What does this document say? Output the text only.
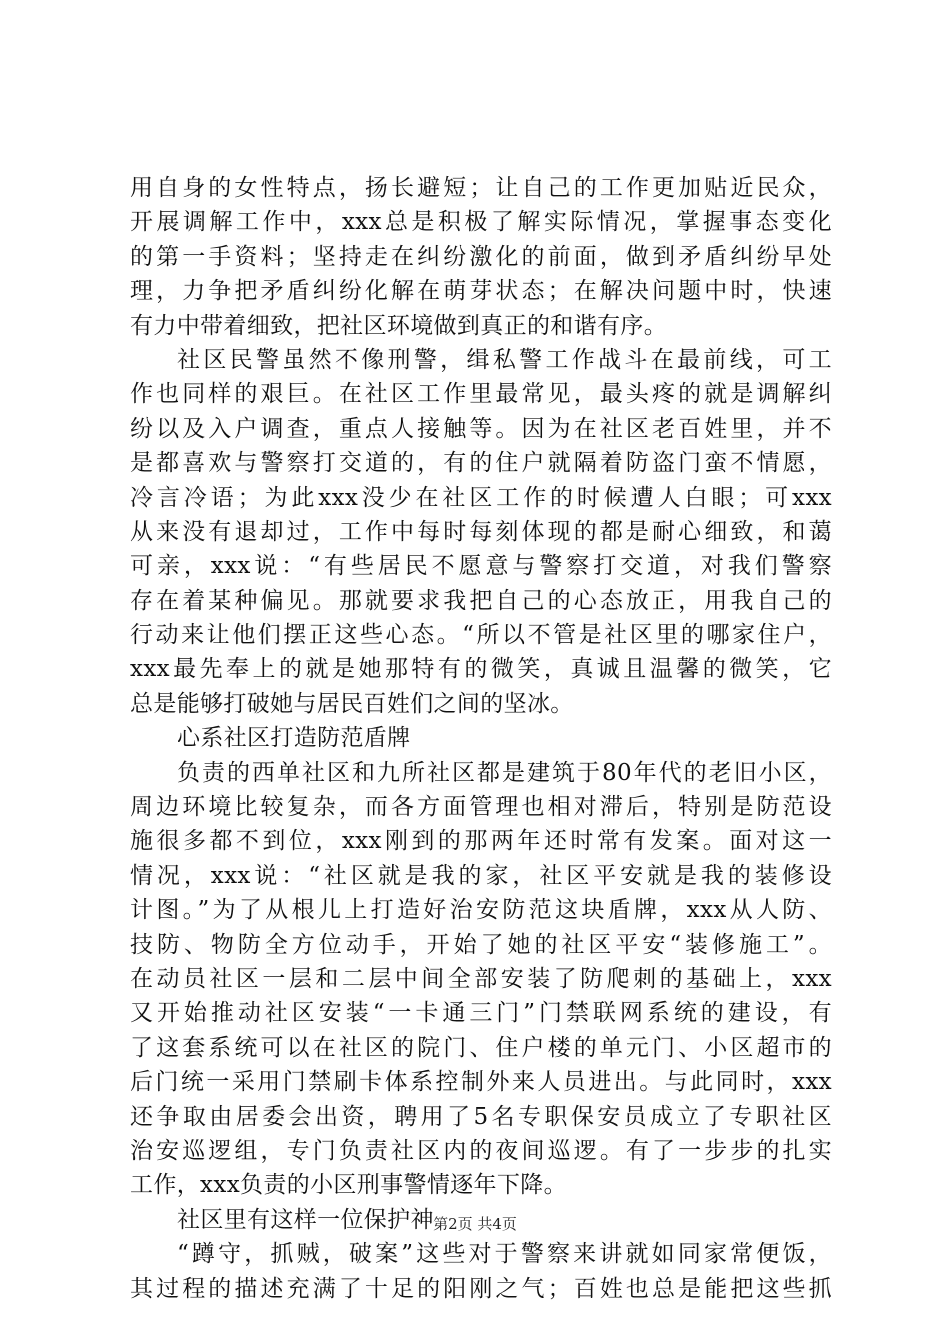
用自身的女性特点，扬长避短；让自己的工作更加贴近民众，
开展调解工作中，xxx总是积极了解实际情况，掌握事态变化
的第一手资料；坚持走在纠纷激化的前面，做到矛盾纠纷早处
理，力争把矛盾纠纷化解在萌芽状态；在解决问题中时，快速
有力中带着细致，把社区环境做到真正的和谐有序。
社区民警虽然不像刑警，缉私警工作战斗在最前线，可工
作也同样的艰巨。在社区工作里最常见，最头疼的就是调解纠
纷以及入户调查，重点人接触等。因为在社区老百姓里，并不
是都喜欢与警察打交道的，有的住户就隔着防盗门蛮不情愿，
冷言冷语；为此xxx没少在社区工作的时候遭人白眼；可xxx
从来没有退却过，工作中每时每刻体现的都是耐心细致，和蔼
可亲，xxx说：“有些居民不愿意与警察打交道，对我们警察
存在着某种偏见。那就要求我把自己的心态放正，用我自己的
行动来让他们摆正这些心态。“所以不管是社区里的哪家住户，
xxx最先奉上的就是她那特有的微笑，真诚且温馨的微笑，它
总是能够打破她与居民百姓们之间的坚冰。
心系社区打造防范盾牌
负责的西单社区和九所社区都是建筑于80年代的老旧小区，
周边环境比较复杂，而各方面管理也相对滞后，特别是防范设
施很多都不到位，xxx刚到的那两年还时常有发案。面对这一
情况，xxx说：“社区就是我的家，社区平安就是我的装修设
计图。”为了从根儿上打造好治安防范这块盾牌，xxx从人防、
技防、物防全方位动手，开始了她的社区平安“装修施工”。
在动员社区一层和二层中间全部安装了防爬刺的基础上，xxx
又开始推动社区安装“一卡通三门”门禁联网系统的建设，有
了这套系统可以在社区的院门、住户楼的单元门、小区超市的
后门统一采用门禁刷卡体系控制外来人员进出。与此同时，xxx
还争取由居委会出资，聘用了5名专职保安员成立了专职社区
治安巡逻组，专门负责社区内的夜间巡逻。有了一步步的扎实
工作，xxx负责的小区刑事警情逐年下降。
社区里有这样一位保护神
“蹲守，抓贼，破案”这些对于警察来讲就如同家常便饭，
其过程的描述充满了十足的阳刚之气；百姓也总是能把这些抓
第2页 共4页
